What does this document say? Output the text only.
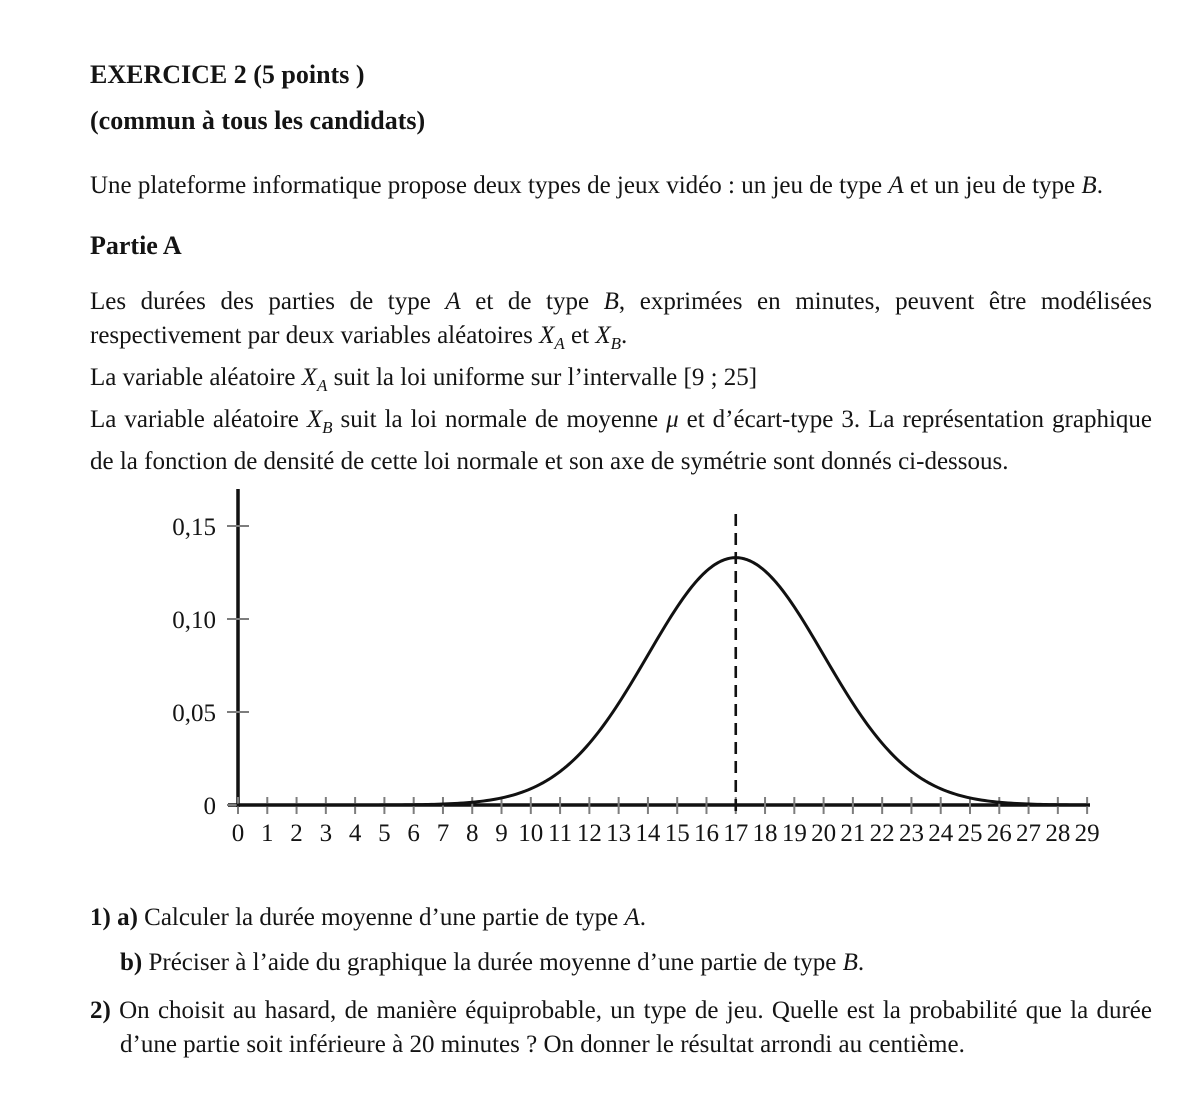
EXERCICE 2 (5 points )
(commun à tous les candidats)
Une plateforme informatique propose deux types de jeux vidéo : un jeu de type A et un jeu de type B.
Partie A
Les durées des parties de type A et de type B, exprimées en minutes, peuvent être modélisées respectivement par deux variables aléatoires $X_A$ et $X_B$.
La variable aléatoire $X_A$ suit la loi uniforme sur l’intervalle [9 ; 25]
La variable aléatoire $X_B$ suit la loi normale de moyenne μ et d’écart-type 3. La représentation graphique de la fonction de densité de cette loi normale et son axe de symétrie sont donnés ci-dessous.
0 1 2 3 4 5 6 7 8 9 10 11 12 13 14 15 16 17 18 19 20 21 22 23 24 25 26 27 28 29
0
0,05
0,10
0,15
1) a) Calculer la durée moyenne d’une partie de type A.
b) Préciser à l’aide du graphique la durée moyenne d’une partie de type B.
2) On choisit au hasard, de manière équiprobable, un type de jeu. Quelle est la probabilité que la durée d’une partie soit inférieure à 20 minutes ? On donner le résultat arrondi au centième.
